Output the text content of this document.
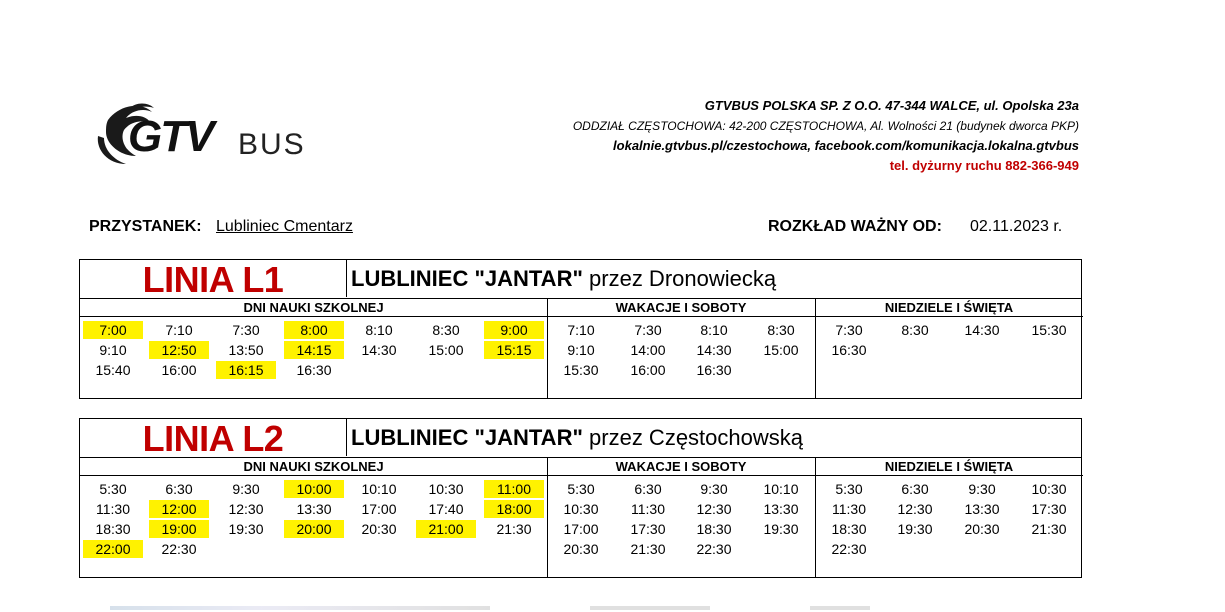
GTV BUS
GTVBUS POLSKA SP. Z O.O. 47-344 WALCE, ul. Opolska 23a
ODDZIAŁ CZĘSTOCHOWA: 42-200 CZĘSTOCHOWA, Al. Wolności 21 (budynek dworca PKP)
lokalnie.gtvbus.pl/czestochowa, facebook.com/komunikacja.lokalna.gtvbus
tel. dyżurny ruchu 882-366-949
PRZYSTANEK: Lubliniec Cmentarz	ROZKŁAD WAŻNY OD: 02.11.2023 r.
LINIA L1	LUBLINIEC "JANTAR" przez Dronowiecką
DNI NAUKI SZKOLNEJ
7:00	7:10	7:30	8:00	8:10	8:30	9:00
9:10	12:50	13:50	14:15	14:30	15:00	15:15
15:40	16:00	16:15	16:30
WAKACJE I SOBOTY
7:10	7:30	8:10	8:30
9:10	14:00	14:30	15:00
15:30	16:00	16:30
NIEDZIELE I ŚWIĘTA
7:30	8:30	14:30	15:30
16:30
LINIA L2	LUBLINIEC "JANTAR" przez Częstochowską
DNI NAUKI SZKOLNEJ
5:30	6:30	9:30	10:00	10:10	10:30	11:00
11:30	12:00	12:30	13:30	17:00	17:40	18:00
18:30	19:00	19:30	20:00	20:30	21:00	21:30
22:00	22:30
WAKACJE I SOBOTY
5:30	6:30	9:30	10:10
10:30	11:30	12:30	13:30
17:00	17:30	18:30	19:30
20:30	21:30	22:30
NIEDZIELE I ŚWIĘTA
5:30	6:30	9:30	10:30
11:30	12:30	13:30	17:30
18:30	19:30	20:30	21:30
22:30
